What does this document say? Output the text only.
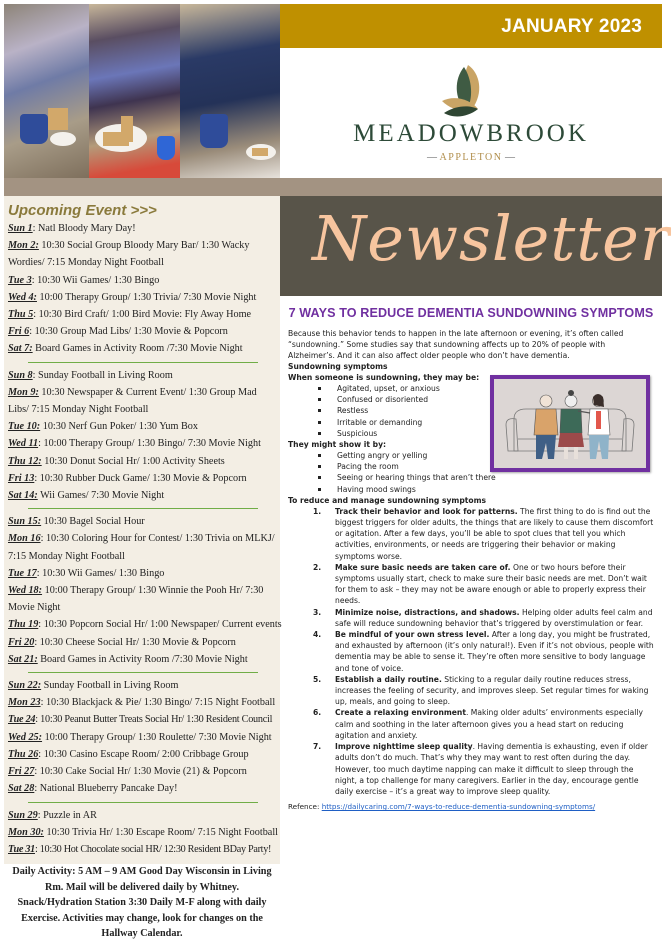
JANUARY 2023
MEADOWBROOK
— APPLETON —
Upcoming Event >>>
Sun 1: Natl Bloody Mary Day!
Mon 2: 10:30 Social Group Bloody Mary Bar/ 1:30 Wacky Wordies/ 7:15 Monday Night Football
Tue 3: 10:30 Wii Games/ 1:30 Bingo
Wed 4: 10:00 Therapy Group/ 1:30 Trivia/ 7:30 Movie Night
Thu 5: 10:30 Bird Craft/ 1:00 Bird Movie: Fly Away Home
Fri 6: 10:30 Group Mad Libs/ 1:30 Movie & Popcorn
Sat 7: Board Games in Activity Room /7:30 Movie Night
Sun 8: Sunday Football in Living Room
Mon 9: 10:30 Newspaper & Current Event/ 1:30 Group Mad Libs/ 7:15 Monday Night Football
Tue 10: 10:30 Nerf Gun Poker/ 1:30 Yum Box
Wed 11: 10:00 Therapy Group/ 1:30 Bingo/ 7:30 Movie Night
Thu 12: 10:30 Donut Social Hr/ 1:00 Activity Sheets
Fri 13: 10:30 Rubber Duck Game/ 1:30 Movie & Popcorn
Sat 14: Wii Games/ 7:30 Movie Night
Sun 15: 10:30 Bagel Social Hour
Mon 16: 10:30 Coloring Hour for Contest/ 1:30 Trivia on MLKJ/ 7:15 Monday Night Football
Tue 17: 10:30 Wii Games/ 1:30 Bingo
Wed 18: 10:00 Therapy Group/ 1:30 Winnie the Pooh Hr/ 7:30 Movie Night
Thu 19: 10:30 Popcorn Social Hr/ 1:00 Newspaper/ Current events
Fri 20: 10:30 Cheese Social Hr/ 1:30 Movie & Popcorn
Sat 21: Board Games in Activity Room /7:30 Movie Night
Sun 22: Sunday Football in Living Room
Mon 23: 10:30 Blackjack & Pie/ 1:30 Bingo/ 7:15 Night Football
Tue 24: 10:30 Peanut Butter Treats Social Hr/ 1:30 Resident Council
Wed 25: 10:00 Therapy Group/ 1:30 Roulette/ 7:30 Movie Night
Thu 26: 10:30 Casino Escape Room/ 2:00 Cribbage Group
Fri 27: 10:30 Cake Social Hr/ 1:30 Movie (21) & Popcorn
Sat 28: National Blueberry Pancake Day!
Sun 29: Puzzle in AR
Mon 30: 10:30 Trivia Hr/ 1:30 Escape Room/ 7:15 Night Football
Tue 31: 10:30 Hot Chocolate social HR/ 12:30 Resident BDay Party!
Daily Activity: 5 AM – 9 AM Good Day Wisconsin in Living Rm. Mail will be delivered daily by Whitney. Snack/Hydration Station 3:30 Daily M-F along with daily Exercise. Activities may change, look for changes on the Hallway Calendar.
Newsletter
7 WAYS TO REDUCE DEMENTIA SUNDOWNING SYMPTOMS

Because this behavior tends to happen in the late afternoon or evening, it’s often called “sundowning.” Some studies say that sundowning affects up to 20% of people with Alzheimer’s. And it can also affect older people who don’t have dementia.

Sundowning symptoms
When someone is sundowning, they may be:
Agitated, upset, or anxious
Confused or disoriented
Restless
Irritable or demanding
Suspicious
They might show it by:
Getting angry or yelling
Pacing the room
Seeing or hearing things that aren’t there
Having mood swings
To reduce and manage sundowning symptoms
1. Track their behavior and look for patterns. The first thing to do is find out the biggest triggers for older adults, the things that are likely to cause them discomfort or agitation. After a few days, you’ll be able to spot clues that tell you which activities, environments, or needs are triggering their behavior or making symptoms worse.
2. Make sure basic needs are taken care of. One or two hours before their symptoms usually start, check to make sure their basic needs are met. Don’t wait for them to ask – they may not be aware enough or able to properly express their needs.
3. Minimize noise, distractions, and shadows. Helping older adults feel calm and safe will reduce sundowning behavior that’s triggered by overstimulation or fear.
4. Be mindful of your own stress level. After a long day, you might be frustrated, and exhausted by afternoon (it’s only natural!). Even if it’s not obvious, people with dementia may be able to sense it. They’re often more sensitive to body language and tone of voice.
5. Establish a daily routine. Sticking to a regular daily routine reduces stress, increases the feeling of security, and improves sleep. Set regular times for waking up, meals, and going to sleep.
6. Create a relaxing environment. Making older adults’ environments especially calm and soothing in the later afternoon gives you a head start on reducing agitation and anxiety.
7. Improve nighttime sleep quality. Having dementia is exhausting, even if older adults don’t do much. That’s why they may want to rest often during the day. However, too much daytime napping can make it difficult to sleep through the night, a top challenge for many caregivers. Earlier in the day, encourage gentle daily exercise – it’s a great way to improve sleep quality.
Refence: https://dailycaring.com/7-ways-to-reduce-dementia-sundowning-symptoms/
